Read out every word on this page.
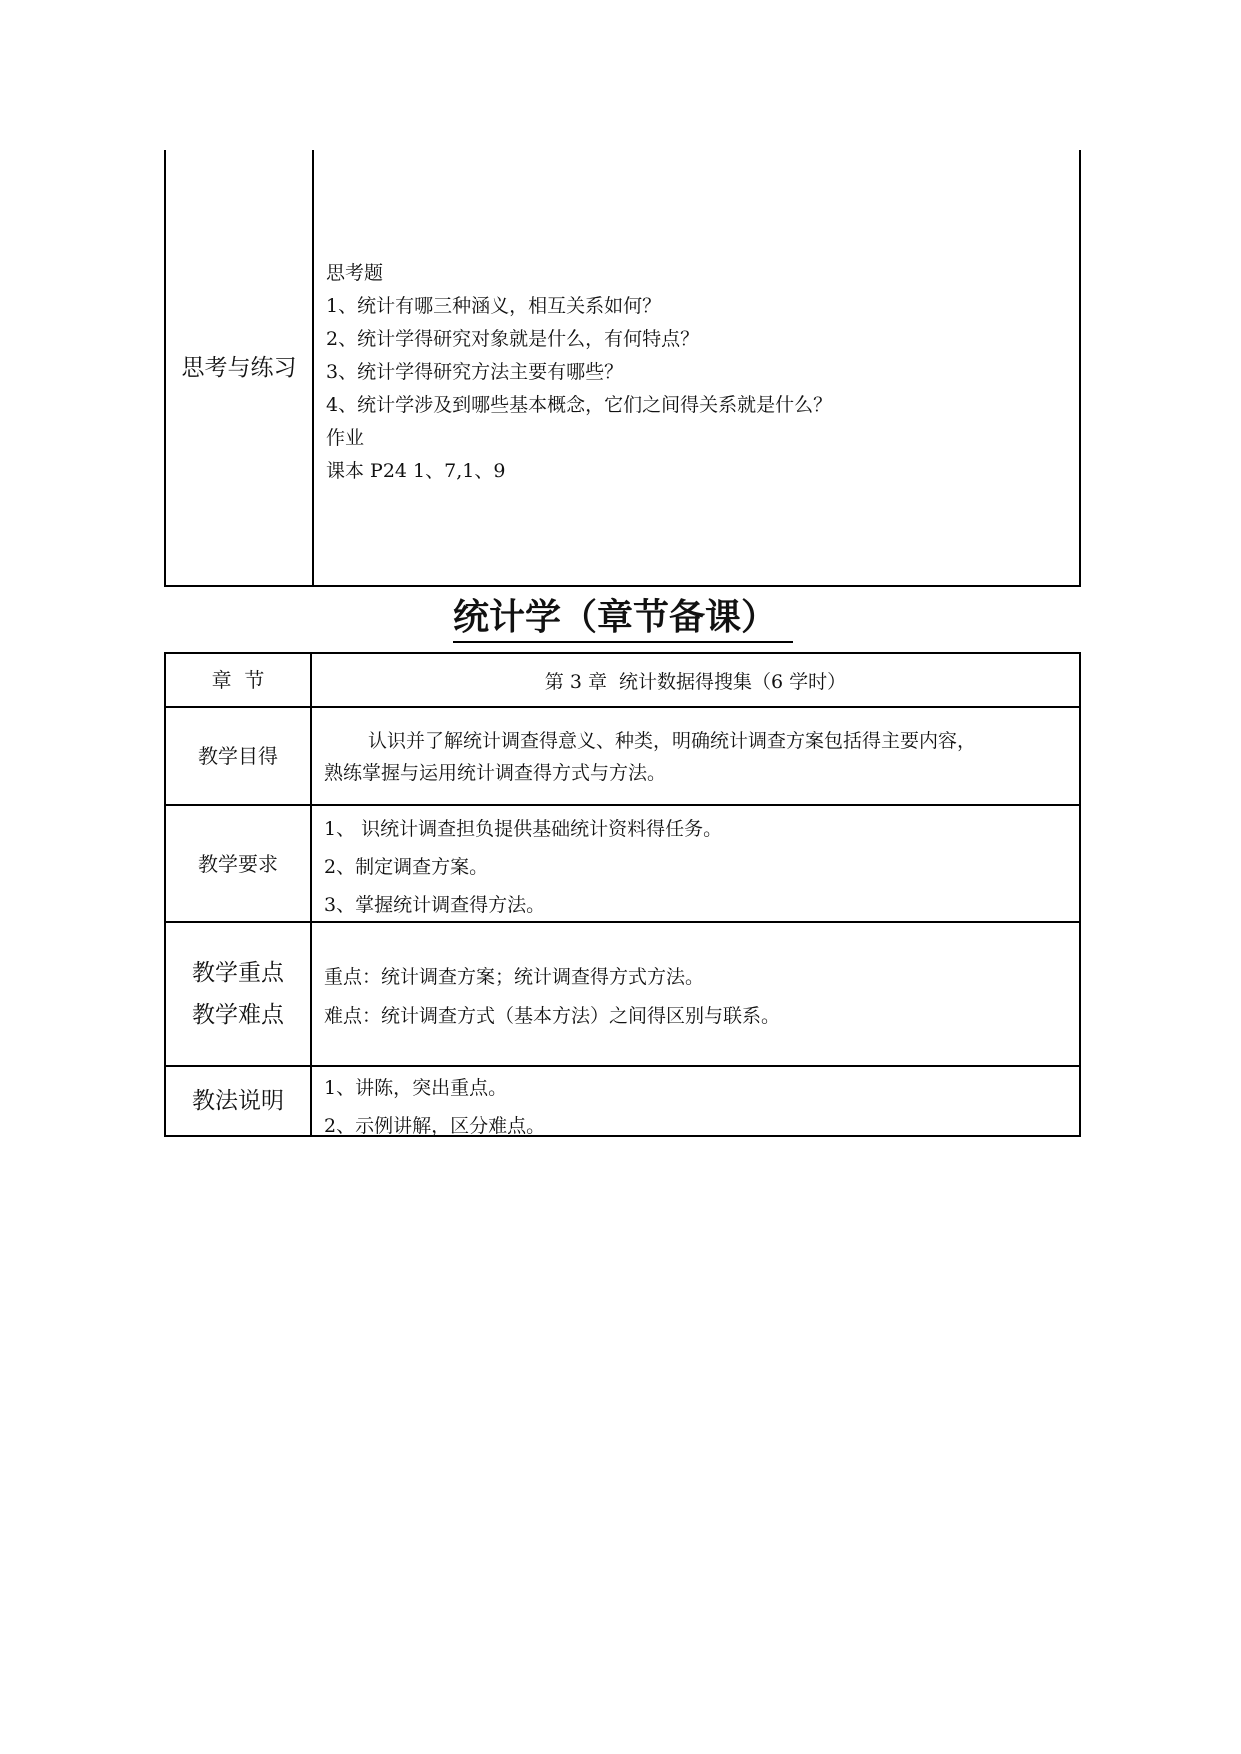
思考与练习
思考题
1、统计有哪三种涵义，相互关系如何？
2、统计学得研究对象就是什么，有何特点？
3、统计学得研究方法主要有哪些？
4、统计学涉及到哪些基本概念，它们之间得关系就是什么？
作业
课本 P24 1、7,1、9
统计学（章节备课）
章  节	第 3 章  统计数据得搜集（6 学时）
教学目得
认识并了解统计调查得意义、种类，明确统计调查方案包括得主要内容，
熟练掌握与运用统计调查得方式与方法。
教学要求
1、 识统计调查担负提供基础统计资料得任务。
2、制定调查方案。
3、掌握统计调查得方法。
教学重点
教学难点
重点：统计调查方案；统计调查得方式方法。
难点：统计调查方式（基本方法）之间得区别与联系。
教法说明	1、讲陈，突出重点。
2、示例讲解，区分难点。
